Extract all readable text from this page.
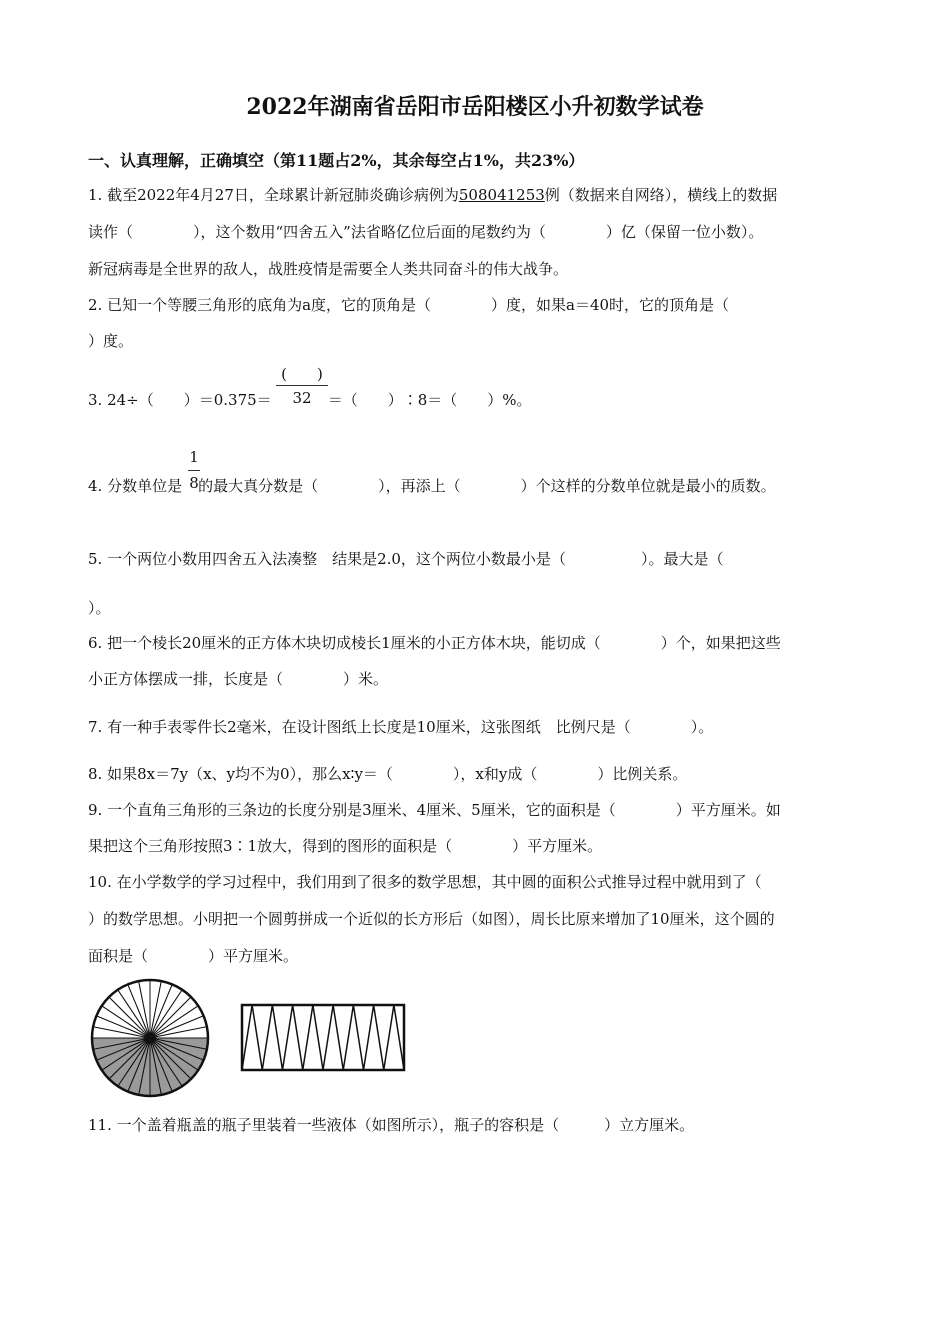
2022年湖南省岳阳市岳阳楼区小升初数学试卷
一、认真理解，正确填空（第11题占2%，其余每空占1%，共23%）
1. 截至2022年4月27日，全球累计新冠肺炎确诊病例为508041253例（数据来自网络），横线上的数据
读作（　　　　），这个数用“四舍五入”法省略亿位后面的尾数约为（　　　　）亿（保留一位小数）。
新冠病毒是全世界的敌人，战胜疫情是需要全人类共同奋斗的伟大战争。
2. 已知一个等腰三角形的底角为a度，它的顶角是（　　　　）度，如果a＝40时，它的顶角是（
）度。
3. 24÷（　　）＝0.375＝	＝（　　）∶8＝（　　）%。
(　　)
32
4. 分数单位是 的最大真分数是（　　　　），再添上（　　　　）个这样的分数单位就是最小的质数。
1
8
5. 一个两位小数用四舍五入法凑整　结果是2.0，这个两位小数最小是（　　　　　）。最大是（
）。
6. 把一个棱长20厘米的正方体木块切成棱长1厘米的小正方体木块，能切成（　　　　）个，如果把这些
小正方体摆成一排，长度是（　　　　）米。
7. 有一种手表零件长2毫米，在设计图纸上长度是10厘米，这张图纸　比例尺是（　　　　）。
8. 如果8x＝7y（x、y均不为0），那么x∶y＝（　　　　），x和y成（　　　　）比例关系。
9. 一个直角三角形的三条边的长度分别是3厘米、4厘米、5厘米，它的面积是（　　　　）平方厘米。如
果把这个三角形按照3∶1放大，得到的图形的面积是（　　　　）平方厘米。
10. 在小学数学的学习过程中，我们用到了很多的数学思想，其中圆的面积公式推导过程中就用到了（
）的数学思想。小明把一个圆剪拼成一个近似的长方形后（如图），周长比原来增加了10厘米，这个圆的
面积是（　　　　）平方厘米。
11. 一个盖着瓶盖的瓶子里装着一些液体（如图所示），瓶子的容积是（　　　）立方厘米。
